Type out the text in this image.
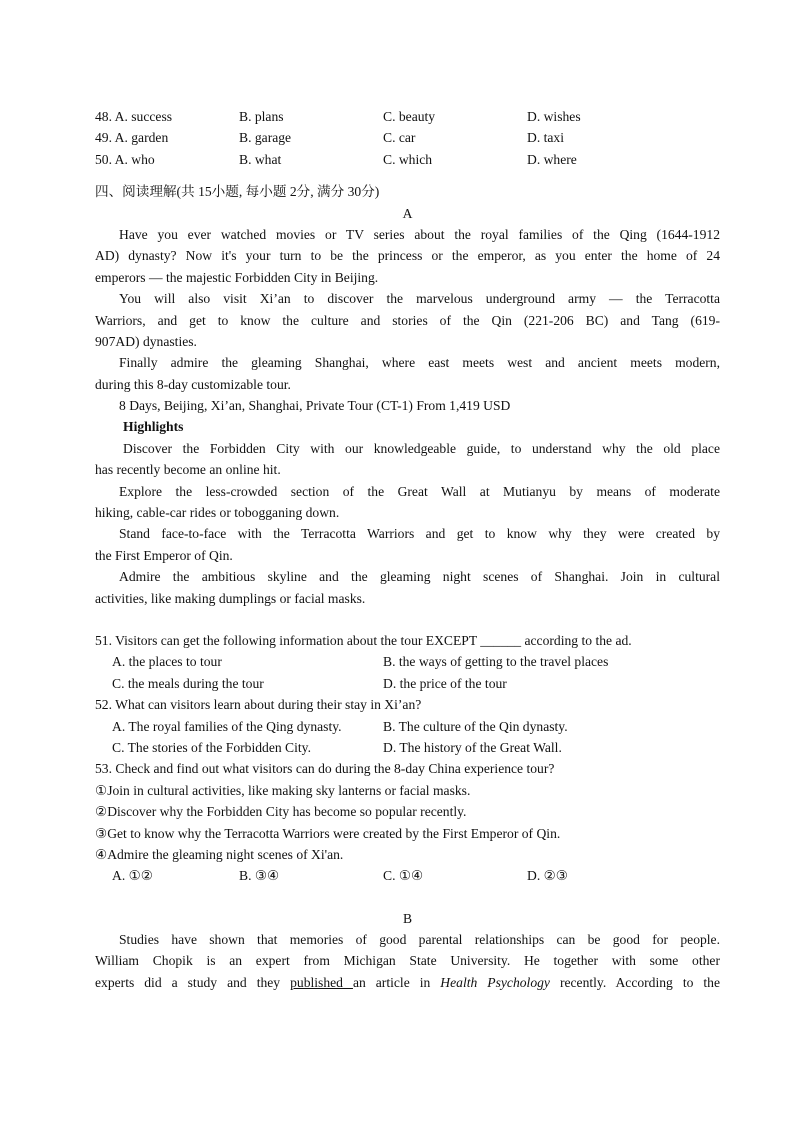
48. A. success	B. plans	C. beauty	D. wishes
49. A. garden	B. garage	C. car	D. taxi
50. A. who	B. what	C. which	D. where
四、阅读理解(共 15小题, 每小题 2分, 满分 30分)
A
Have you ever watched movies or TV series about the royal families of the Qing (1644-1912
AD) dynasty? Now it's your turn to be the princess or the emperor, as you enter the home of 24
emperors — the majestic Forbidden City in Beijing.
You will also visit Xi’an to discover the marvelous underground army — the Terracotta
Warriors, and get to know the culture and stories of the Qin (221-206 BC) and Tang (619-
907AD) dynasties.
Finally admire the gleaming Shanghai, where east meets west and ancient meets modern,
during this 8-day customizable tour.
8 Days, Beijing, Xi’an, Shanghai, Private Tour (CT-1) From 1,419 USD
Highlights
Discover the Forbidden City with our knowledgeable guide, to understand why the old place
has recently become an online hit.
Explore the less-crowded section of the Great Wall at Mutianyu by means of moderate
hiking, cable-car rides or tobogganing down.
Stand face-to-face with the Terracotta Warriors and get to know why they were created by
the First Emperor of Qin.
Admire the ambitious skyline and the gleaming night scenes of Shanghai. Join in cultural
activities, like making dumplings or facial masks.
51. Visitors can get the following information about the tour EXCEPT ______ according to the ad.
A. the places to tour	B. the ways of getting to the travel places
C. the meals during the tour	D. the price of the tour
52. What can visitors learn about during their stay in Xi’an?
A. The royal families of the Qing dynasty.	B. The culture of the Qin dynasty.
C. The stories of the Forbidden City.	D. The history of the Great Wall.
53. Check and find out what visitors can do during the 8-day China experience tour?
①Join in cultural activities, like making sky lanterns or facial masks.
②Discover why the Forbidden City has become so popular recently.
③Get to know why the Terracotta Warriors were created by the First Emperor of Qin.
④Admire the gleaming night scenes of Xi'an.
A. ①②	B. ③④	C. ①④	D. ②③
B
Studies have shown that memories of good parental relationships can be good for people.
William Chopik is an expert from Michigan State University. He together with some other
experts did a study and they published an article in Health Psychology recently. According to the
